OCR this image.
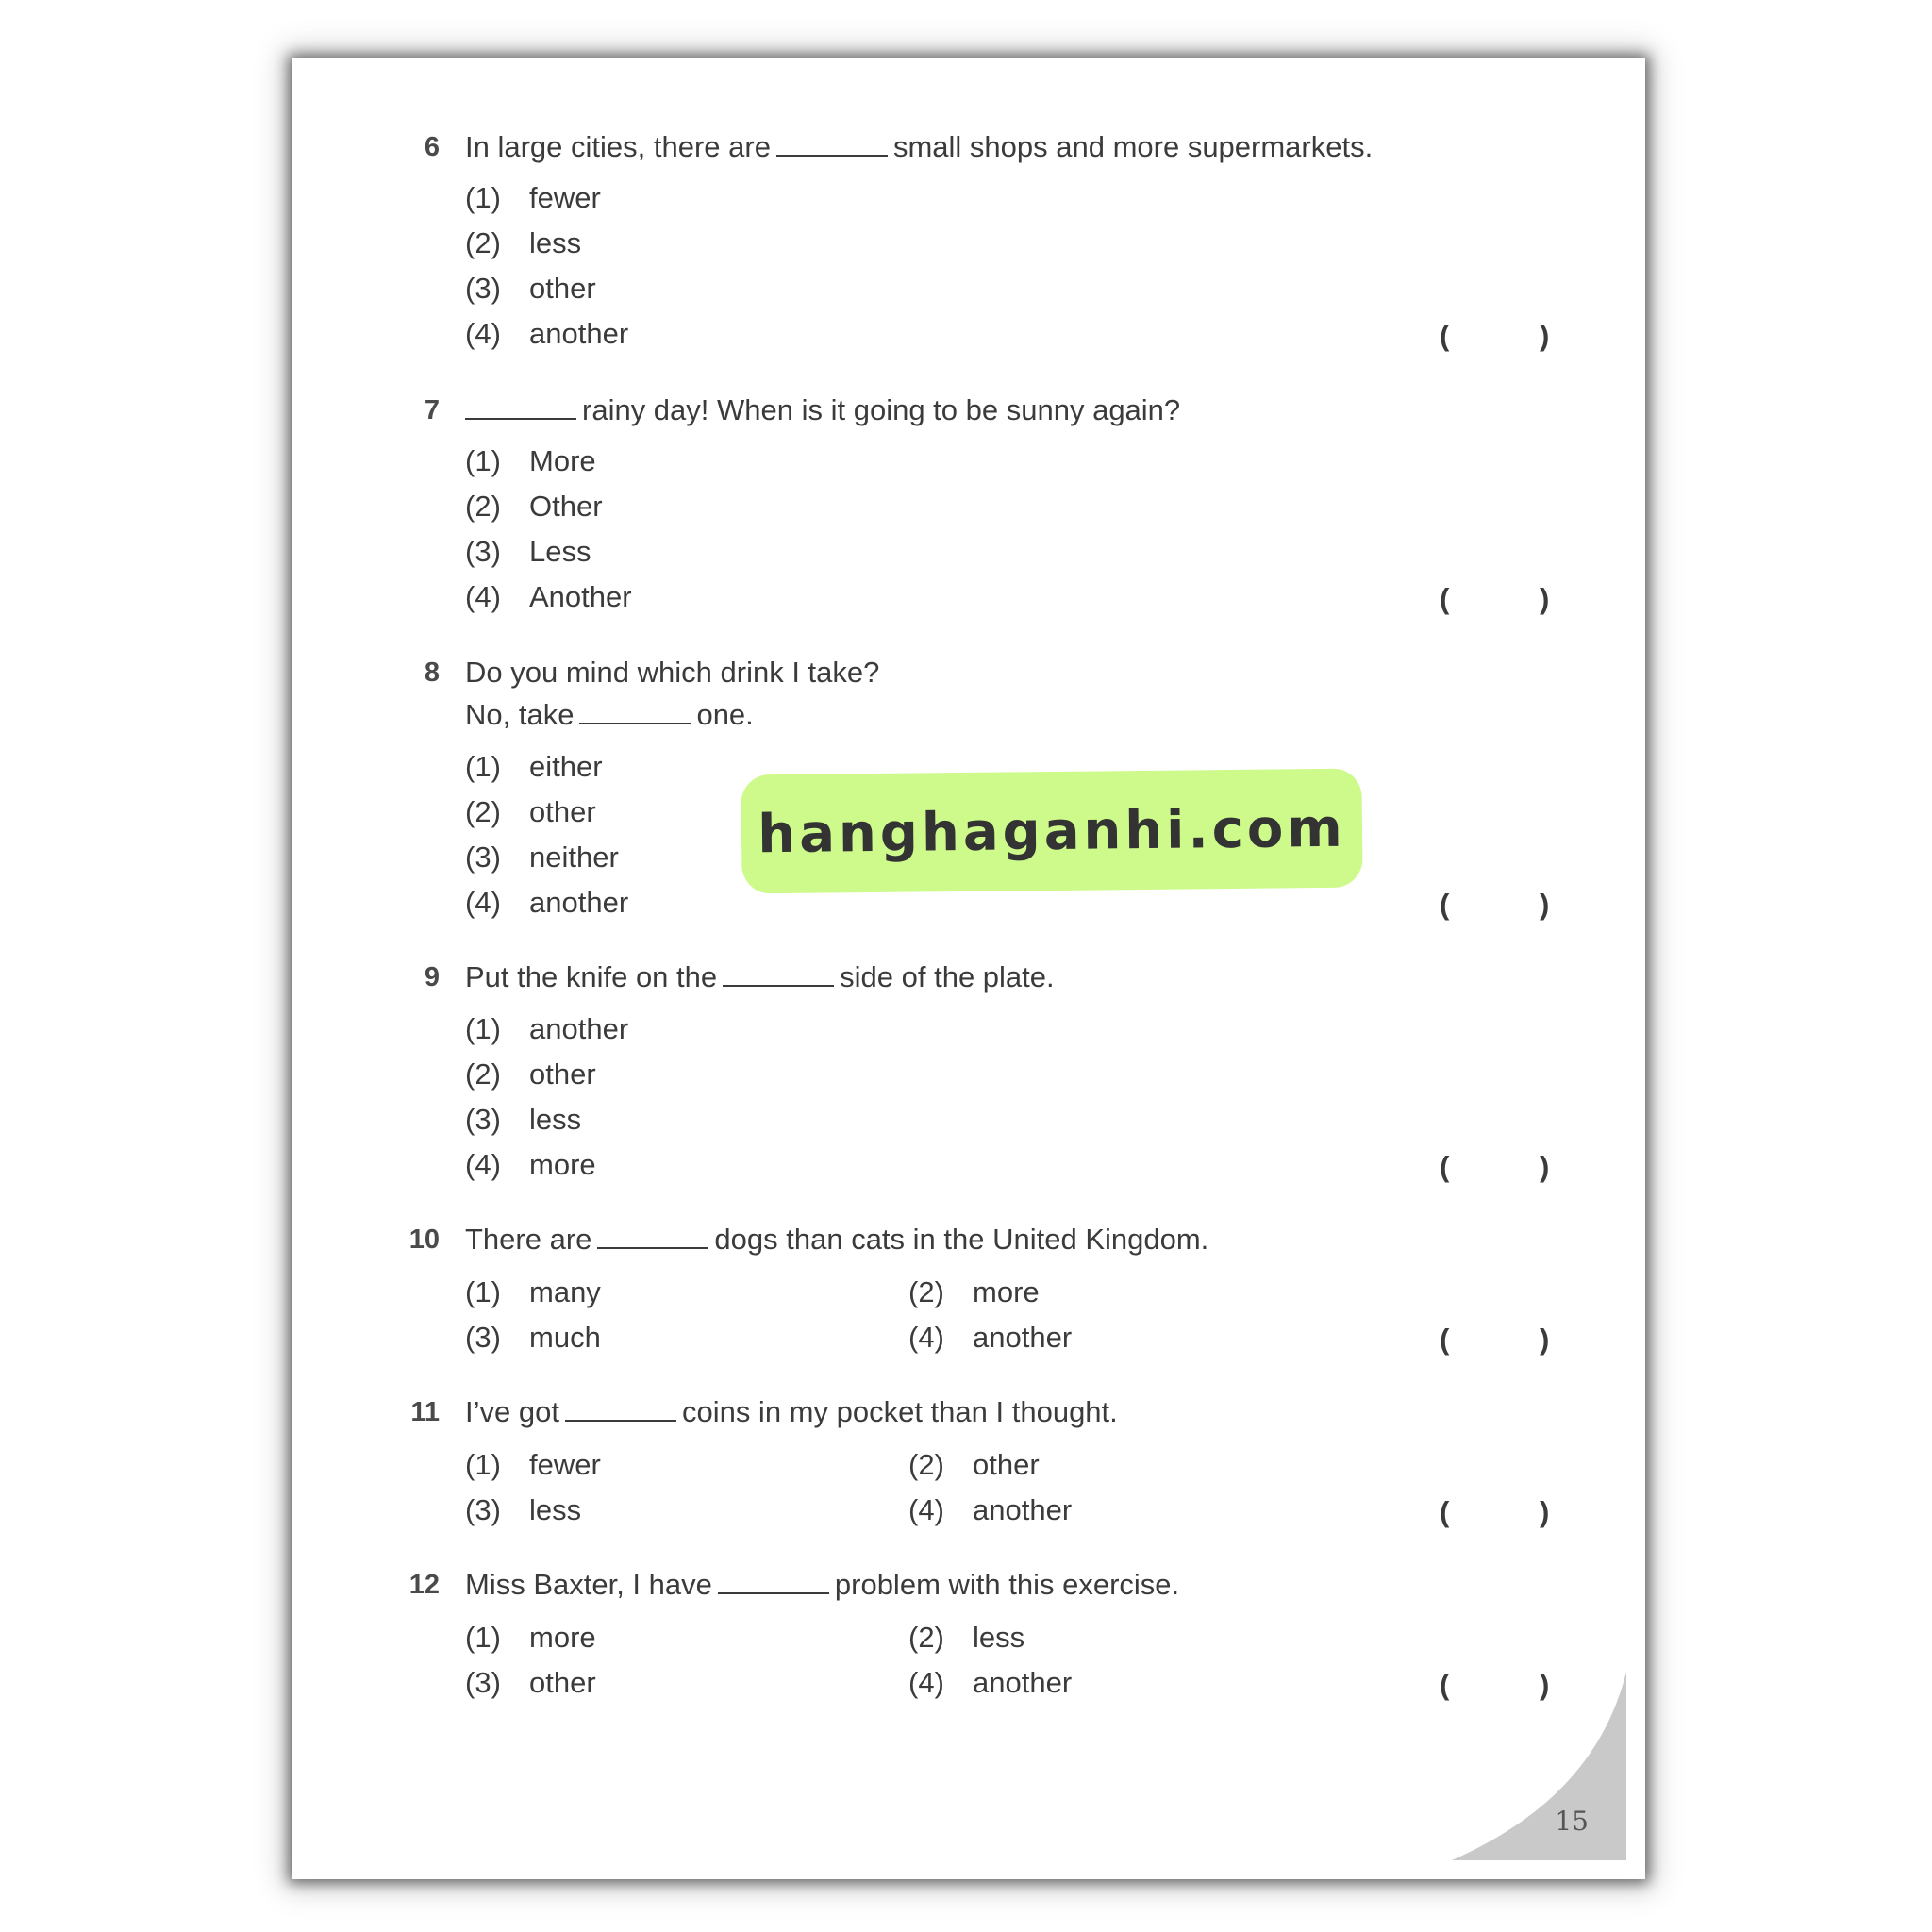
6 In large cities, there are	small shops and more supermarkets.
(1) fewer
(2) less
(3) other
(4) another	(	)
7	rainy day! When is it going to be sunny again?
(1) More
(2) Other
(3) Less
(4) Another	(	)
8 Do you mind which drink I take?
No, take	one.
(1) either
(2) other
(3) neither
(4) another	(	)
9 Put the knife on the	side of the plate.
(1) another
(2) other
(3) less
(4) more	(	)
10 There are	dogs than cats in the United Kingdom.
(1) many	(2) more
(3) much	(4) another	(	)
11 I’ve got	coins in my pocket than I thought.
(1) fewer	(2) other
(3) less	(4) another	(	)
12 Miss Baxter, I have	problem with this exercise.
(1) more	(2) less
(3) other	(4) another	(	)
15
hanghaganhi.com
